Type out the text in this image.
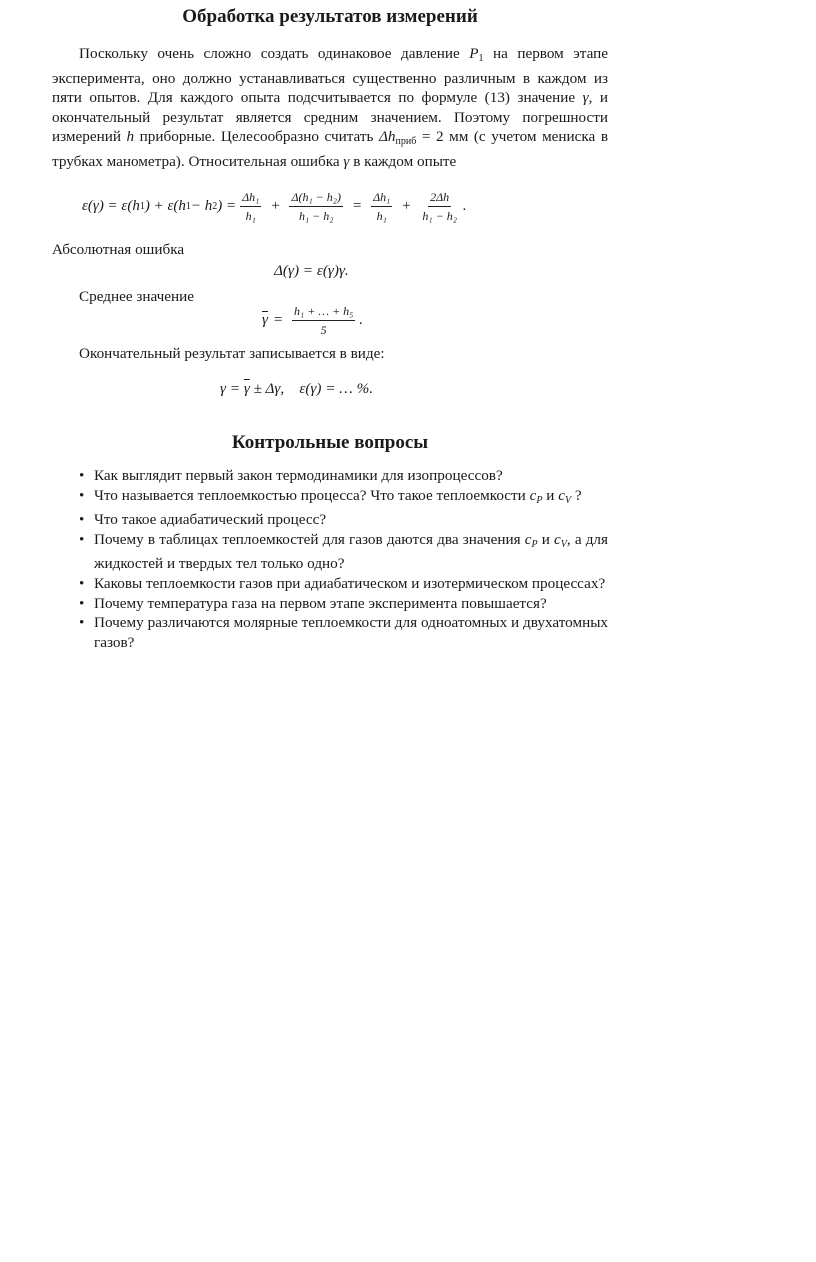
Обработка результатов измерений
Поскольку очень сложно создать одинаковое давление $P_1$ на первом этапе эксперимента, оно должно устанавливаться существенно различным в каждом из пяти опытов. Для каждого опыта подсчитывается по формуле (13) значение γ, и окончательный результат является средним значением. Поэтому погрешности измерений h приборные. Целесообразно считать $\Delta h_{приб} = 2$ мм (с учетом мениска в трубках манометра). Относительная ошибка γ в каждом опыте
ε(γ) = ε(h 1 ) + ε(h 1 − h 2 ) = $\frac{\text{Δh₁}}{\text{h₁}} + \frac{\text{Δ(h₁ − h₂)}}{\text{h₁ − h₂}} = \frac{\text{Δh₁}}{\text{h₁}} + \frac{2\Delta h}{\text{h₁ − h₂}}$ .
Абсолютная ошибка
Δ(γ) = ε(γ)γ.
Среднее значение
$\overline{\gamma} = \frac{\text{h₁ + … + h₅}}{5}$ .
Окончательный результат записывается в виде:
$\gamma = \overline{\gamma} \pm \Delta\gamma$,    ε(γ) = … %.
Контрольные вопросы
• Как выглядит первый закон термодинамики для изопроцессов?
• Что называется теплоемкостью процесса? Что такое теплоемкости cP и cV ?
• Что такое адиабатический процесс?
• Почему в таблицах теплоемкостей для газов даются два значения cP и cV, а для жидкостей и твердых тел только одно?
• Каковы теплоемкости газов при адиабатическом и изотермическом процессах?
• Почему температура газа на первом этапе эксперимента повышается?
• Почему различаются молярные теплоемкости для одноатомных и двухатомных газов?
